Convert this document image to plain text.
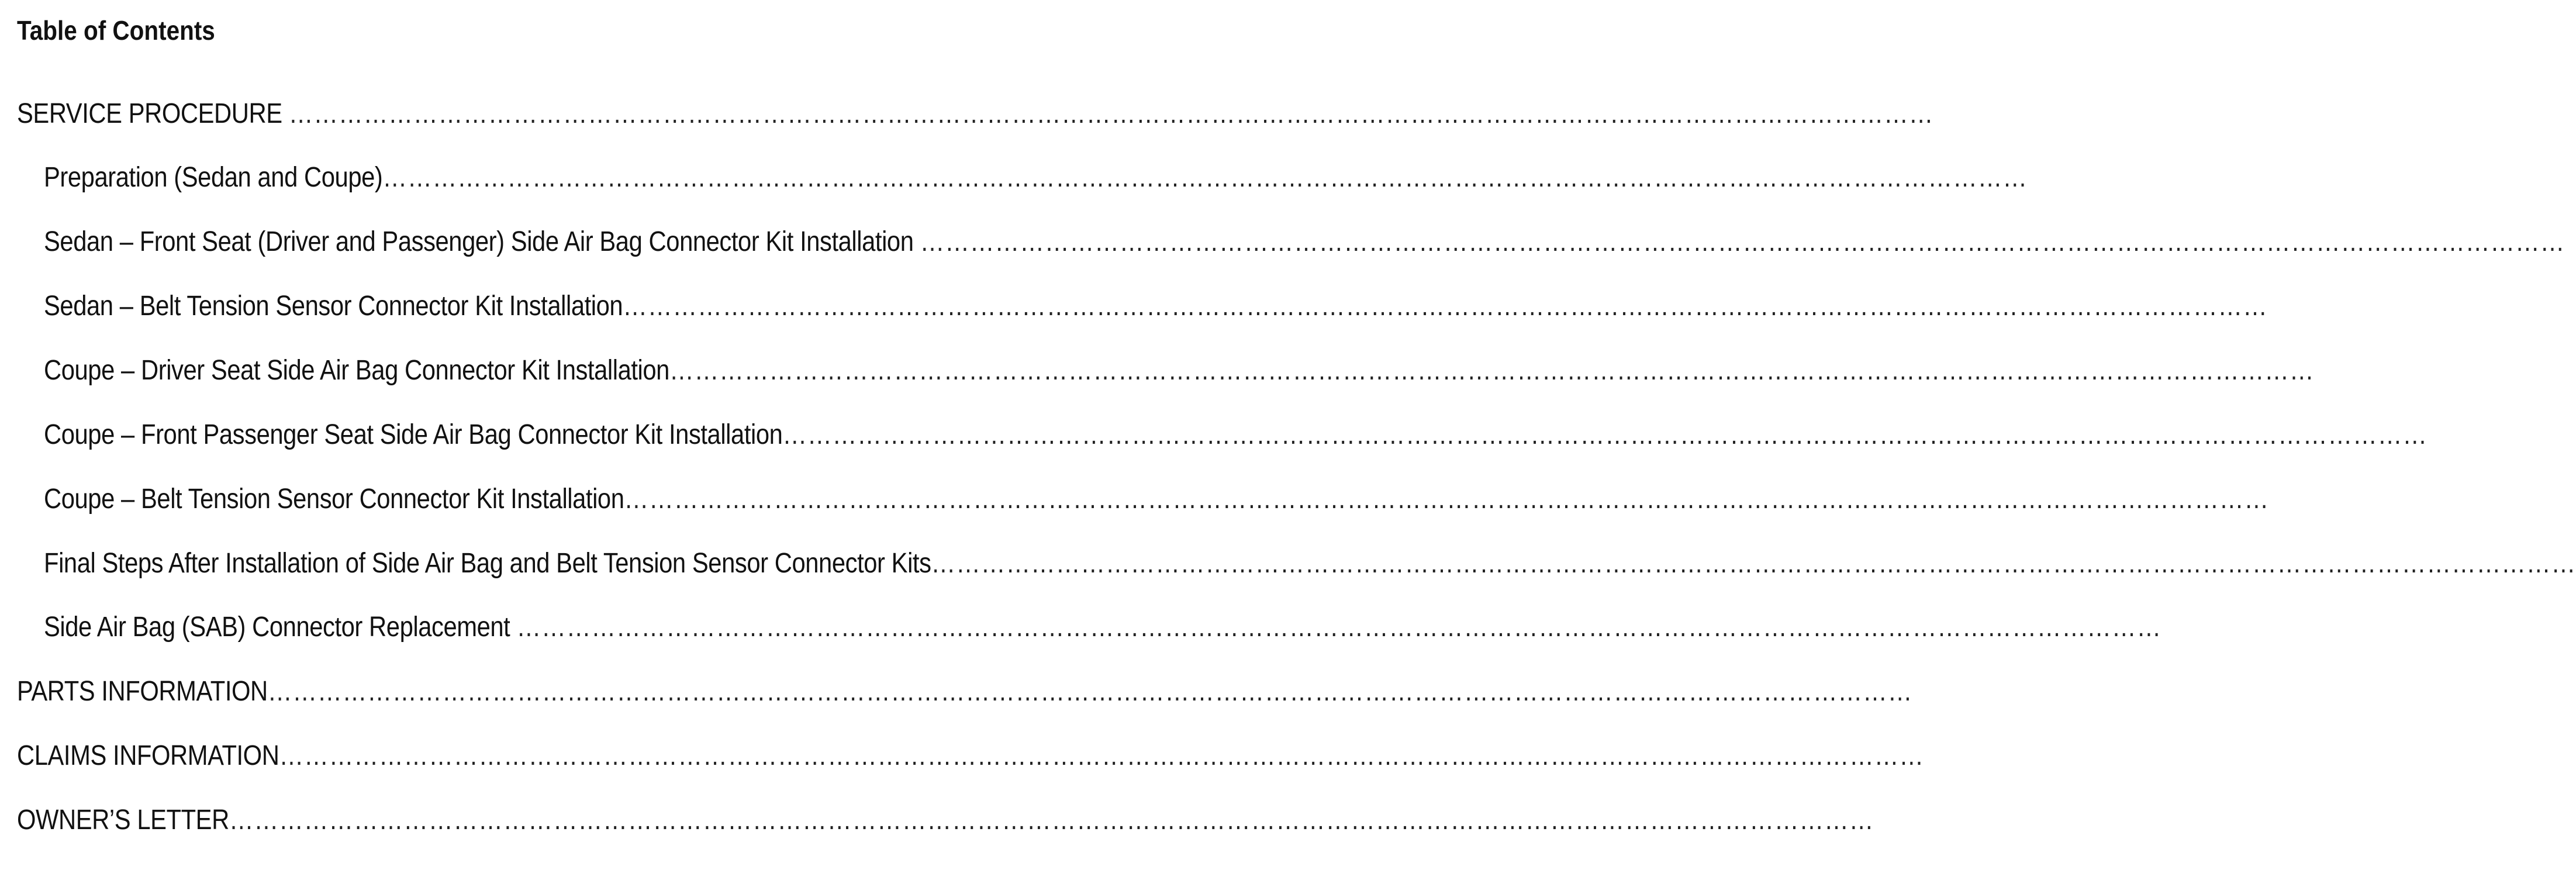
Table of Contents
SERVICE PROCEDURE ………………………………………………………………………………………………………………………………………………………………………………
Preparation (Sedan and Coupe)………………………………………………………………………………………………………………………………………………………………………………
Sedan – Front Seat (Driver and Passenger) Side Air Bag Connector Kit Installation ………………………………………………………………………………………………………………………………………………………………………………
Sedan – Belt Tension Sensor Connector Kit Installation………………………………………………………………………………………………………………………………………………………………………………
Coupe – Driver Seat Side Air Bag Connector Kit Installation………………………………………………………………………………………………………………………………………………………………………………
Coupe – Front Passenger Seat Side Air Bag Connector Kit Installation………………………………………………………………………………………………………………………………………………………………………………
Coupe – Belt Tension Sensor Connector Kit Installation………………………………………………………………………………………………………………………………………………………………………………
Final Steps After Installation of Side Air Bag and Belt Tension Sensor Connector Kits………………………………………………………………………………………………………………………………………………………………………………
Side Air Bag (SAB) Connector Replacement ………………………………………………………………………………………………………………………………………………………………………………
PARTS INFORMATION………………………………………………………………………………………………………………………………………………………………………………
CLAIMS INFORMATION………………………………………………………………………………………………………………………………………………………………………………
OWNER’S LETTER………………………………………………………………………………………………………………………………………………………………………………
